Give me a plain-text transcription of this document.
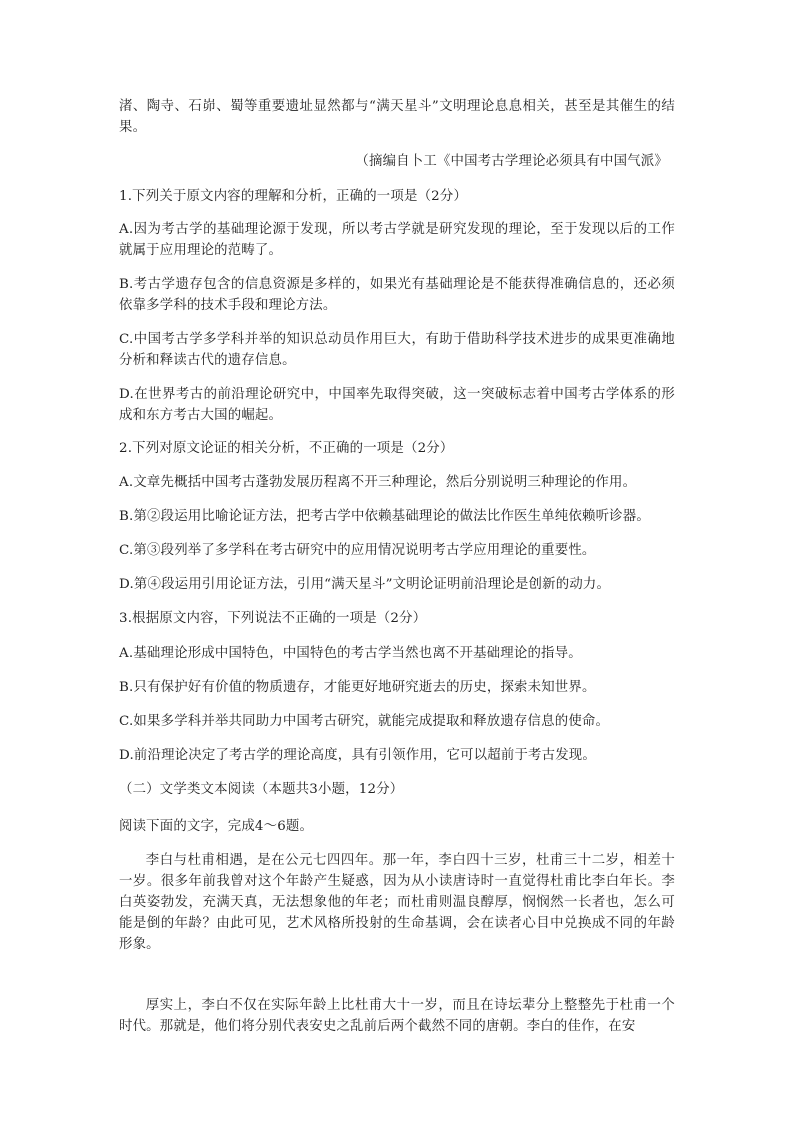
渚、陶寺、石峁、蜀等重要遗址显然都与“满天星斗”文明理论息息相关，甚至是其催生的结果。
（摘编自卜工《中国考古学理论必须具有中国气派》
1.下列关于原文内容的理解和分析，正确的一项是（2分）
A.因为考古学的基础理论源于发现，所以考古学就是研究发现的理论，至于发现以后的工作就属于应用理论的范畴了。
B.考古学遗存包含的信息资源是多样的，如果光有基础理论是不能获得准确信息的，还必须依靠多学科的技术手段和理论方法。
C.中国考古学多学科并举的知识总动员作用巨大，有助于借助科学技术进步的成果更准确地分析和释读古代的遗存信息。
D.在世界考古的前沿理论研究中，中国率先取得突破，这一突破标志着中国考古学体系的形成和东方考古大国的崛起。
2.下列对原文论证的相关分析，不正确的一项是（2分）
A.文章先概括中国考古蓬勃发展历程离不开三种理论，然后分别说明三种理论的作用。
B.第②段运用比喻论证方法，把考古学中依赖基础理论的做法比作医生单纯依赖听诊器。
C.第③段列举了多学科在考古研究中的应用情况说明考古学应用理论的重要性。
D.第④段运用引用论证方法，引用“满天星斗”文明论证明前沿理论是创新的动力。
3.根据原文内容，下列说法不正确的一项是（2分）
A.基础理论形成中国特色，中国特色的考古学当然也离不开基础理论的指导。
B.只有保护好有价值的物质遗存，才能更好地研究逝去的历史，探索未知世界。
C.如果多学科并举共同助力中国考古研究，就能完成提取和释放遗存信息的使命。
D.前沿理论决定了考古学的理论高度，具有引领作用，它可以超前于考古发现。
（二）文学类文本阅读（本题共3小题，12分）
阅读下面的文字，完成4～6题。
李白与杜甫相遇，是在公元七四四年。那一年，李白四十三岁，杜甫三十二岁，相差十一岁。很多年前我曾对这个年龄产生疑惑，因为从小读唐诗时一直觉得杜甫比李白年长。李白英姿勃发，充满天真，无法想象他的年老；而杜甫则温良醇厚，悯悯然一长者也，怎么可能是倒的年龄？由此可见，艺术风格所投射的生命基调，会在读者心目中兑换成不同的年龄形象。
厚实上，李白不仅在实际年龄上比杜甫大十一岁，而且在诗坛辈分上整整先于杜甫一个时代。那就是，他们将分别代表安史之乱前后两个截然不同的唐朝。李白的佳作，在安
